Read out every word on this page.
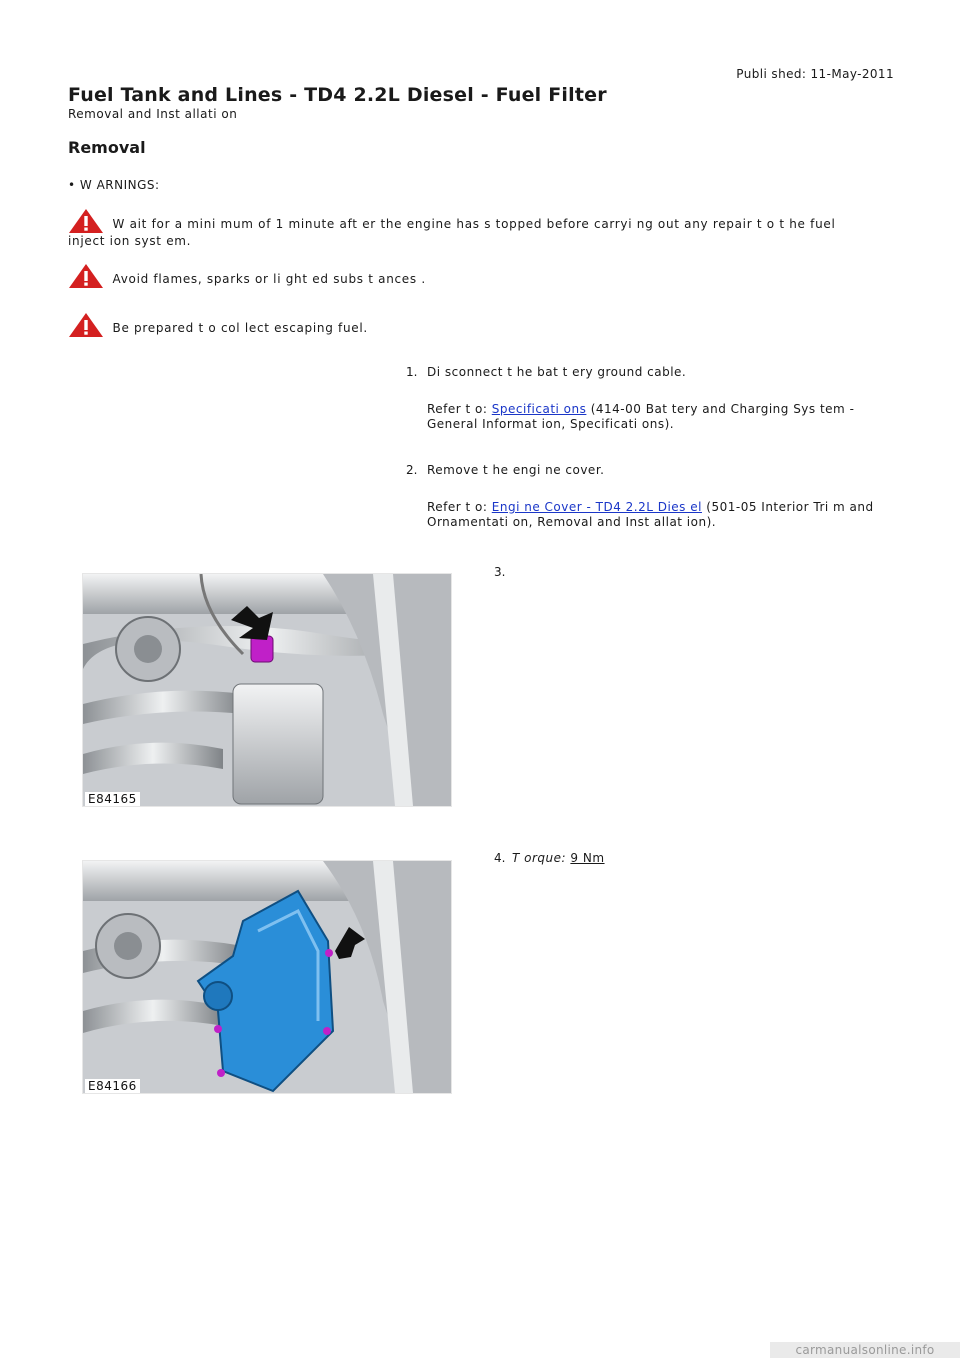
Publi shed: 11-May-2011
Fuel Tank and Lines - TD4 2.2L Diesel - Fuel Filter
Removal and Inst allati on
Removal
• W ARNINGS:
W ait for a mini mum of 1 minute aft er the engine has s topped before carryi ng out any repair t o t he fuel inject ion syst em.
Avoid flames, sparks or li ght ed subs t ances .
Be prepared t o col lect escaping fuel.
1. Di sconnect t he bat t ery ground cable.
Refer t o: Specificati ons (414-00 Bat tery and Charging Sys tem - General Informat ion, Specificati ons).
2. Remove t he engi ne cover.
Refer t o: Engi ne Cover - TD4 2.2L Dies el (501-05 Interior Tri m and Ornamentati on, Removal and Inst allat ion).
3.
E84165
4. T orque: 9 Nm
E84166
carmanualsonline.info
